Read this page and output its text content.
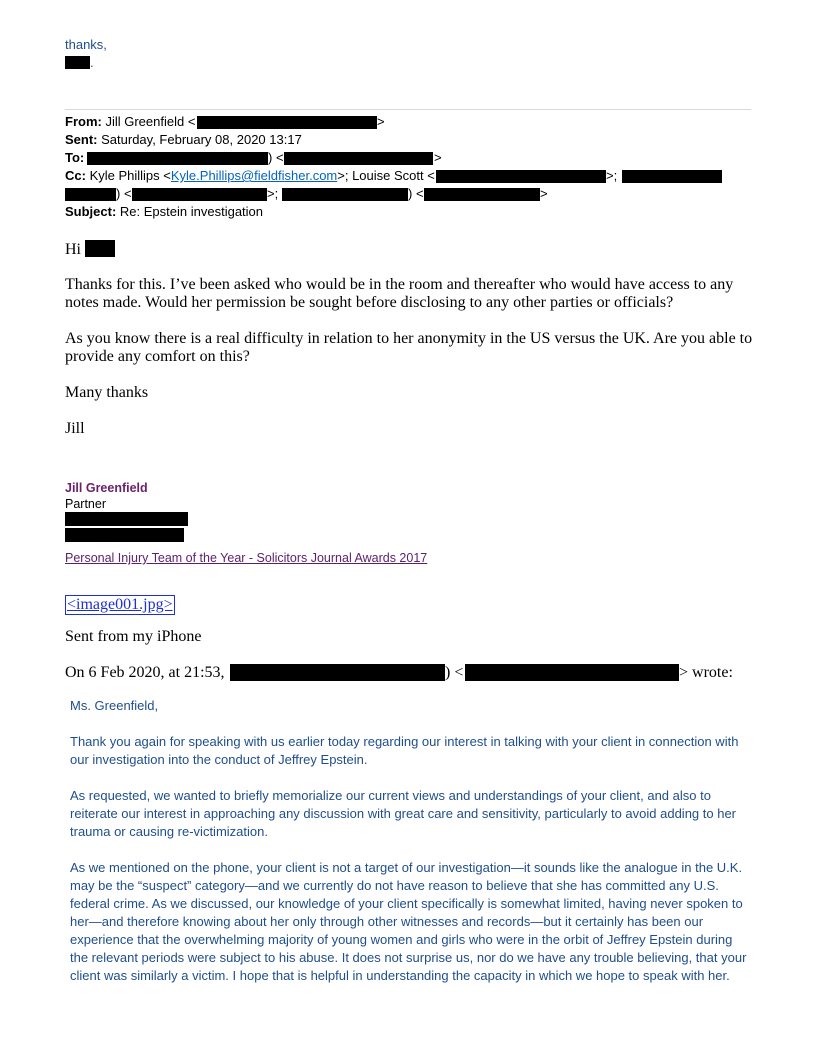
thanks,
.
From: Jill Greenfield <	>
Sent: Saturday, February 08, 2020 13:17
To:	) <	>
Cc: Kyle Phillips <Kyle.Phillips@fieldfisher.com>; Louise Scott <	>;
) <	>;	) <	>
Subject: Re: Epstein investigation
Hi
Thanks for this. I’ve been asked who would be in the room and thereafter who would have access to any notes made. Would her permission be sought before disclosing to any other parties or officials?
As you know there is a real difficulty in relation to her anonymity in the US versus the UK. Are you able to provide any comfort on this?
Many thanks
Jill
Jill Greenfield
Partner
Personal Injury Team of the Year - Solicitors Journal Awards 2017
<image001.jpg>
Sent from my iPhone
On 6 Feb 2020, at 21:53,	) <	> wrote:
Ms. Greenfield,
Thank you again for speaking with us earlier today regarding our interest in talking with your client in connection with our investigation into the conduct of Jeffrey Epstein.
As requested, we wanted to briefly memorialize our current views and understandings of your client, and also to reiterate our interest in approaching any discussion with great care and sensitivity, particularly to avoid adding to her trauma or causing re-victimization.
As we mentioned on the phone, your client is not a target of our investigation—it sounds like the analogue in the U.K. may be the “suspect” category—and we currently do not have reason to believe that she has committed any U.S. federal crime. As we discussed, our knowledge of your client specifically is somewhat limited, having never spoken to her—and therefore knowing about her only through other witnesses and records—but it certainly has been our experience that the overwhelming majority of young women and girls who were in the orbit of Jeffrey Epstein during the relevant periods were subject to his abuse. It does not surprise us, nor do we have any trouble believing, that your client was similarly a victim. I hope that is helpful in understanding the capacity in which we hope to speak with her.
